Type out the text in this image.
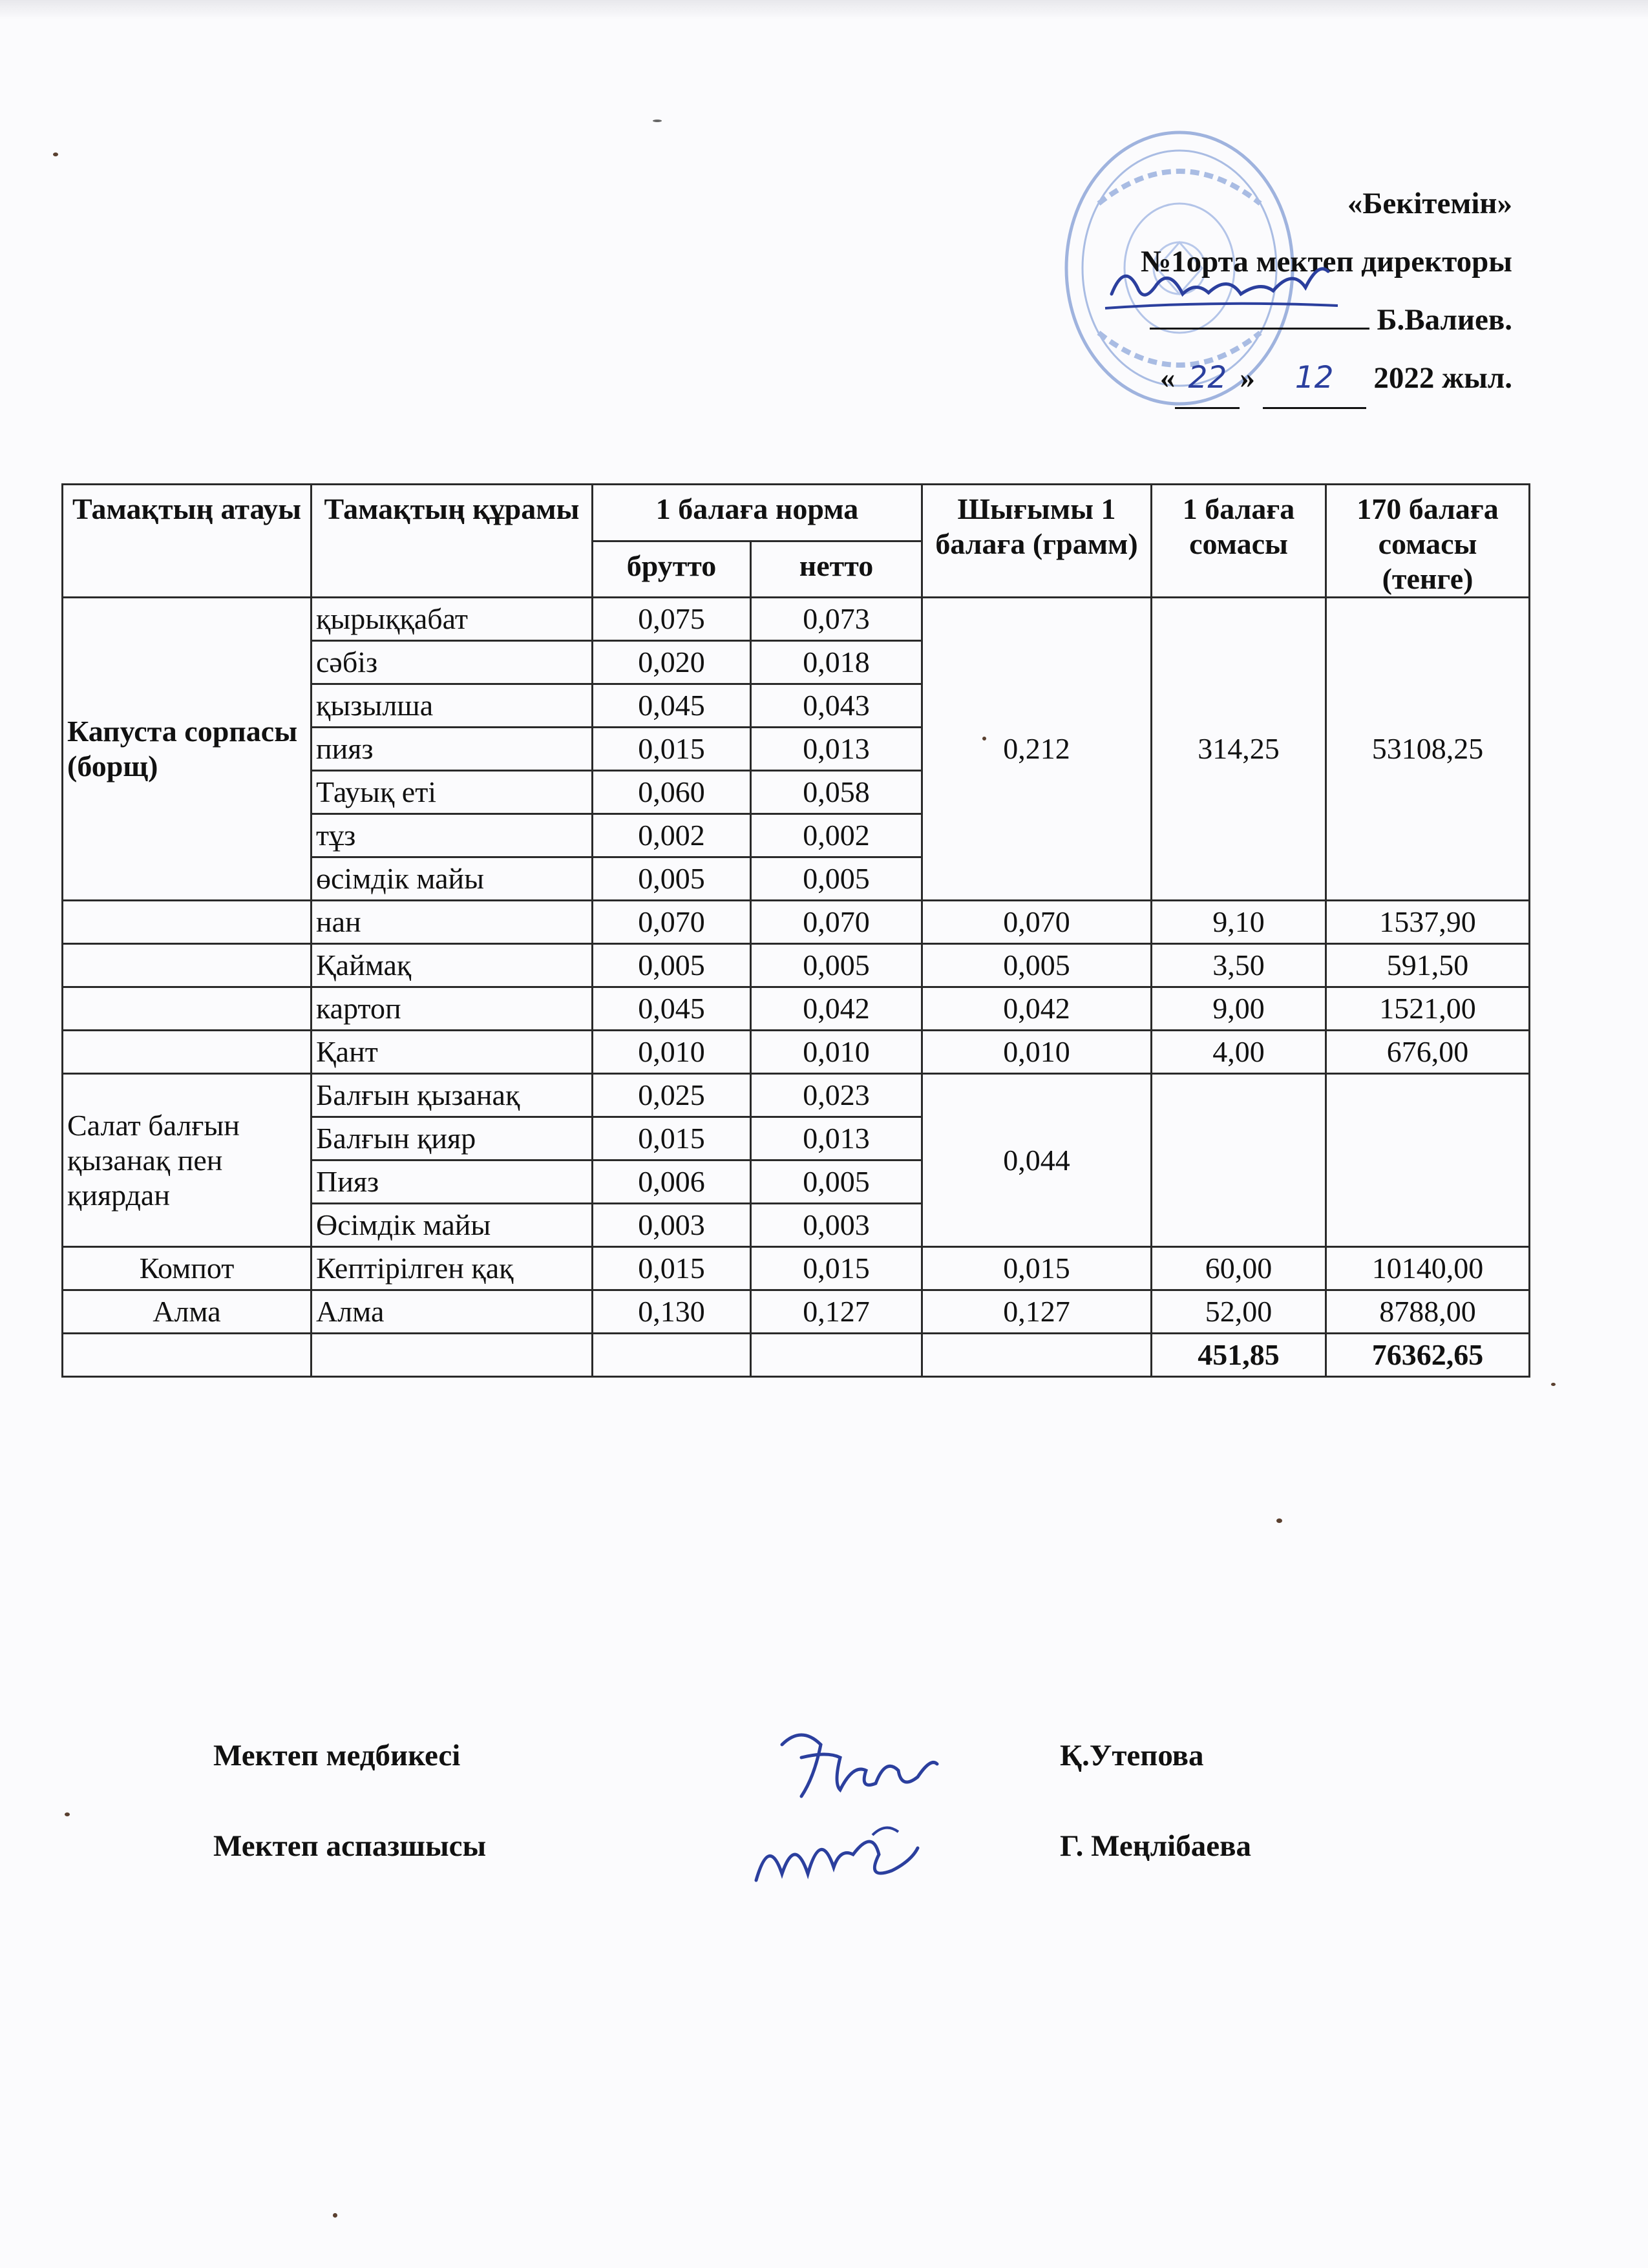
«Бекітемін»
№1орта мектеп директоры
Б.Валиев.
« 22 » 12 2022 жыл.
Тамақтың атауы	Тамақтың құрамы	1 балаға норма		Шығымы 1 балаға (грамм)	1 балаға сомасы	170 балаға сомасы (тенге)
		брутто	нетто			
Капуста сорпасы (борщ)	қырыққабат	0,075	0,073	0,212	314,25	53108,25
	сәбіз	0,020	0,018			
	қызылша	0,045	0,043			
	пияз	0,015	0,013			
	Тауық еті	0,060	0,058			
	тұз	0,002	0,002			
	өсімдік майы	0,005	0,005			
	нан	0,070	0,070	0,070	9,10	1537,90
	Қаймақ	0,005	0,005	0,005	3,50	591,50
	картоп	0,045	0,042	0,042	9,00	1521,00
	Қант	0,010	0,010	0,010	4,00	676,00
Салат балғын қызанақ пен қиярдан	Балғын қызанақ	0,025	0,023	0,044		
	Балғын қияр	0,015	0,013			
	Пияз	0,006	0,005			
	Өсімдік майы	0,003	0,003			
Компот	Кептірілген қақ	0,015	0,015	0,015	60,00	10140,00
Алма	Алма	0,130	0,127	0,127	52,00	8788,00
					451,85	76362,65
Мектеп медбикесі	Қ.Утепова
Мектеп аспазшысы	Г. Меңлібаева
